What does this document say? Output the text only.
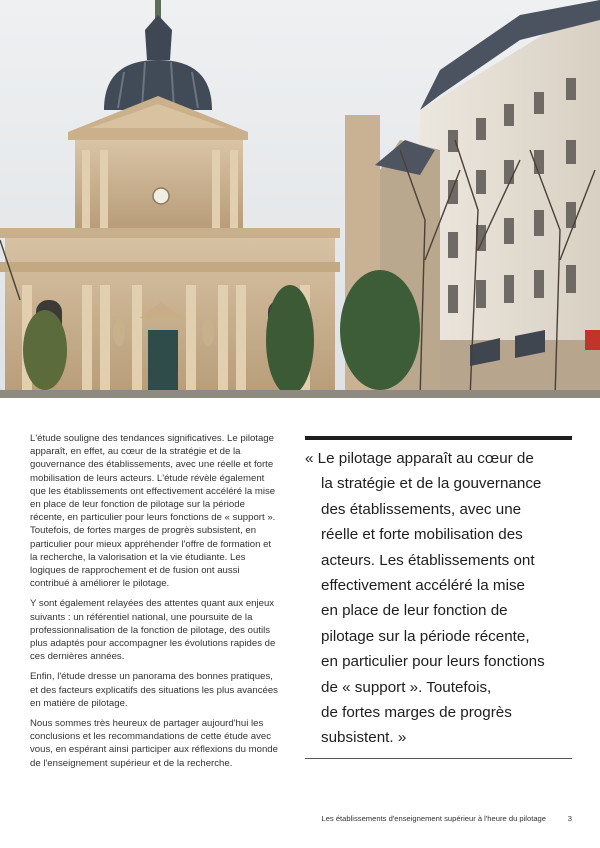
L'étude souligne des tendances significatives. Le pilotage apparaît, en effet, au cœur de la stratégie et de la gouvernance des établissements, avec une réelle et forte mobilisation de leurs acteurs. L'étude révèle également que les établissements ont effectivement accéléré la mise en place de leur fonction de pilotage sur la période récente, en particulier pour leurs fonctions de « support ». Toutefois, de fortes marges de progrès subsistent, en particulier pour mieux appréhender l'offre de formation et la recherche, la valorisation et la vie étudiante. Les logiques de rapprochement et de fusion ont aussi contribué à améliorer le pilotage.

Y sont également relayées des attentes quant aux enjeux suivants : un référentiel national, une poursuite de la professionnalisation de la fonction de pilotage, des outils plus adaptés pour accompagner les évolutions rapides de ces dernières années.

Enfin, l'étude dresse un panorama des bonnes pratiques, et des facteurs explicatifs des situations les plus avancées en matière de pilotage.

Nous sommes très heureux de partager aujourd'hui les conclusions et les recommandations de cette étude avec vous, en espérant ainsi participer aux réflexions du monde de l'enseignement supérieur et de la recherche.

« Le pilotage apparaît au cœur de
la stratégie et de la gouvernance
des établissements, avec une
réelle et forte mobilisation des
acteurs. Les établissements ont
effectivement accéléré la mise
en place de leur fonction de
pilotage sur la période récente,
en particulier pour leurs fonctions
de « support ». Toutefois,
de fortes marges de progrès
subsistent. »
Les établissements d'enseignement supérieur à l'heure du pilotage	3
